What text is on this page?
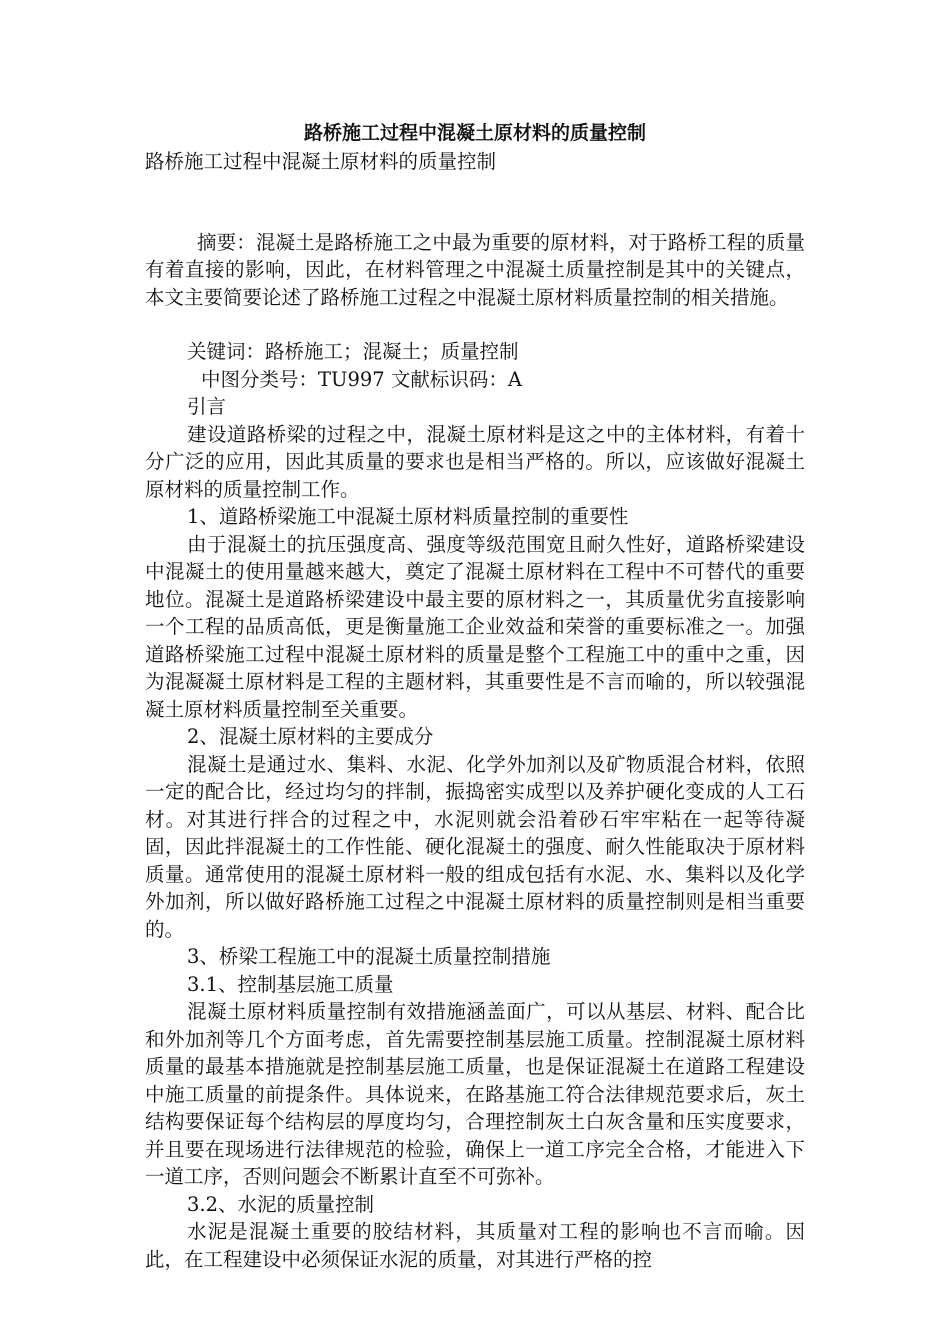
路桥施工过程中混凝土原材料的质量控制

路桥施工过程中混凝土原材料的质量控制

摘要：混凝土是路桥施工之中最为重要的原材料，对于路桥工程的质量有着直接的影响，因此，在材料管理之中混凝土质量控制是其中的关键点，本文主要简要论述了路桥施工过程之中混凝土原材料质量控制的相关措施。

关键词：路桥施工；混凝土；质量控制

中图分类号：TU997 文献标识码：A

引言

建设道路桥梁的过程之中，混凝土原材料是这之中的主体材料，有着十分广泛的应用，因此其质量的要求也是相当严格的。所以，应该做好混凝土原材料的质量控制工作。

1、道路桥梁施工中混凝土原材料质量控制的重要性

由于混凝土的抗压强度高、强度等级范围宽且耐久性好，道路桥梁建设中混凝土的使用量越来越大，奠定了混凝土原材料在工程中不可替代的重要地位。混凝土是道路桥梁建设中最主要的原材料之一，其质量优劣直接影响一个工程的品质高低，更是衡量施工企业效益和荣誉的重要标准之一。加强道路桥梁施工过程中混凝土原材料的质量是整个工程施工中的重中之重，因为混凝凝土原材料是工程的主题材料，其重要性是不言而喻的，所以较强混凝土原材料质量控制至关重要。

2、混凝土原材料的主要成分

混凝土是通过水、集料、水泥、化学外加剂以及矿物质混合材料，依照一定的配合比，经过均匀的拌制，振捣密实成型以及养护硬化变成的人工石材。对其进行拌合的过程之中，水泥则就会沿着砂石牢牢粘在一起等待凝固，因此拌混凝土的工作性能、硬化混凝土的强度、耐久性能取决于原材料质量。通常使用的混凝土原材料一般的组成包括有水泥、水、集料以及化学外加剂，所以做好路桥施工过程之中混凝土原材料的质量控制则是相当重要的。

3、桥梁工程施工中的混凝土质量控制措施

3.1、控制基层施工质量

混凝土原材料质量控制有效措施涵盖面广，可以从基层、材料、配合比和外加剂等几个方面考虑，首先需要控制基层施工质量。控制混凝土原材料质量的最基本措施就是控制基层施工质量，也是保证混凝土在道路工程建设中施工质量的前提条件。具体说来，在路基施工符合法律规范要求后，灰土结构要保证每个结构层的厚度均匀，合理控制灰土白灰含量和压实度要求，并且要在现场进行法律规范的检验，确保上一道工序完全合格，才能进入下一道工序，否则问题会不断累计直至不可弥补。

3.2、水泥的质量控制

水泥是混凝土重要的胶结材料，其质量对工程的影响也不言而喻。因此，在工程建设中必须保证水泥的质量，对其进行严格的控
